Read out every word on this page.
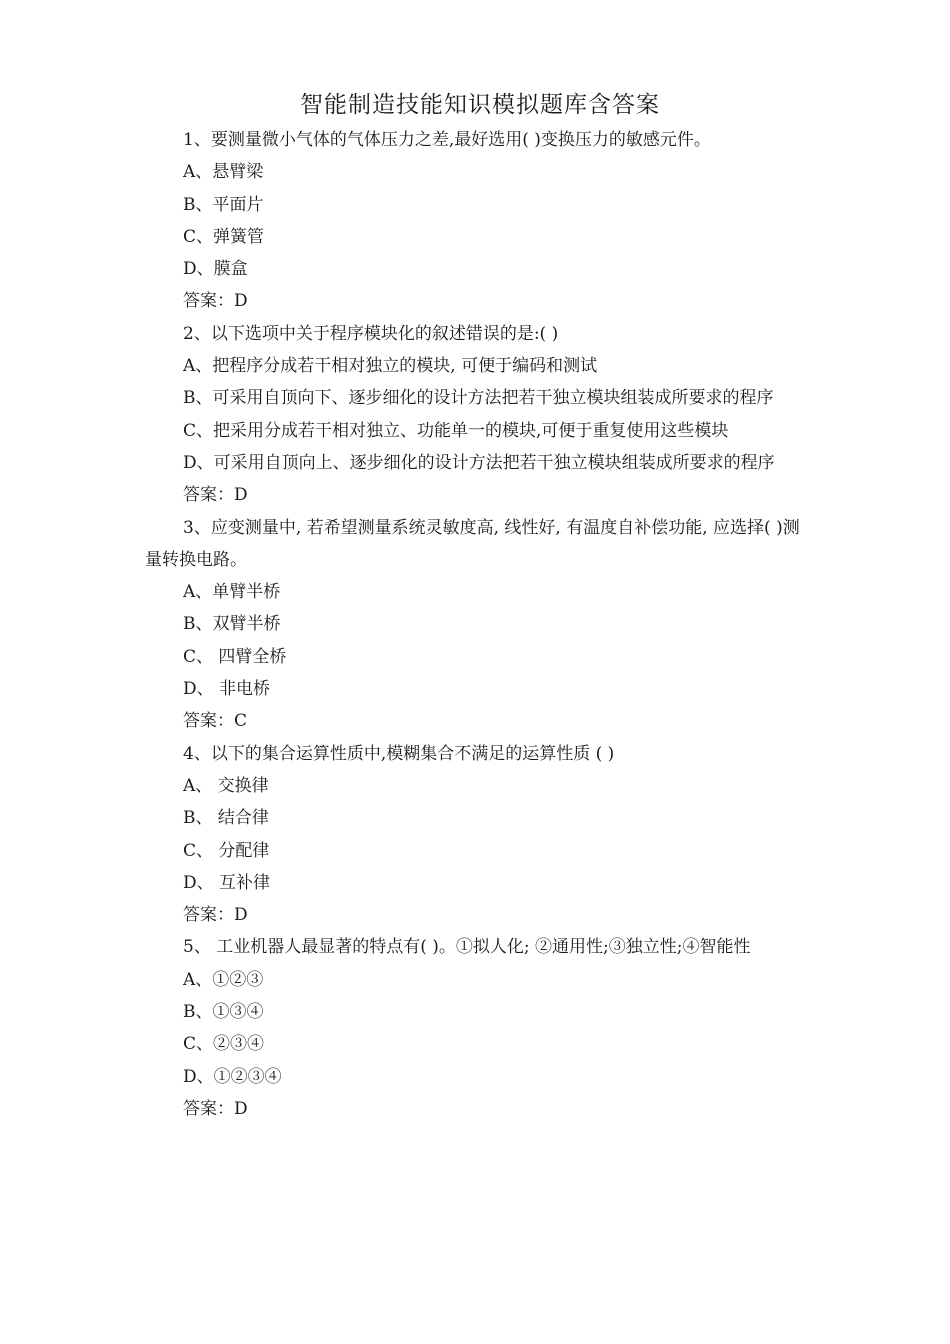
智能制造技能知识模拟题库含答案

1、要测量微小气体的气体压力之差,最好选用( )变换压力的敏感元件。

A、悬臂梁

B、平面片

C、弹簧管

D、膜盒

答案：D

2、以下选项中关于程序模块化的叙述错误的是:( )

A、把程序分成若干相对独立的模块, 可便于编码和测试

B、可采用自顶向下、逐步细化的设计方法把若干独立模块组装成所要求的程序

C、把采用分成若干相对独立、功能单一的模块,可便于重复使用这些模块

D、可采用自顶向上、逐步细化的设计方法把若干独立模块组装成所要求的程序

答案：D

3、应变测量中, 若希望测量系统灵敏度高, 线性好, 有温度自补偿功能, 应选择( )测量转换电路。

A、单臂半桥

B、双臂半桥

C、 四臂全桥

D、 非电桥

答案：C

4、以下的集合运算性质中,模糊集合不满足的运算性质 ( )

A、 交换律

B、 结合律

C、 分配律

D、 互补律

答案：D

5、 工业机器人最显著的特点有( )。①拟人化; ②通用性;③独立性;④智能性

A、①②③

B、①③④

C、②③④

D、①②③④

答案：D
